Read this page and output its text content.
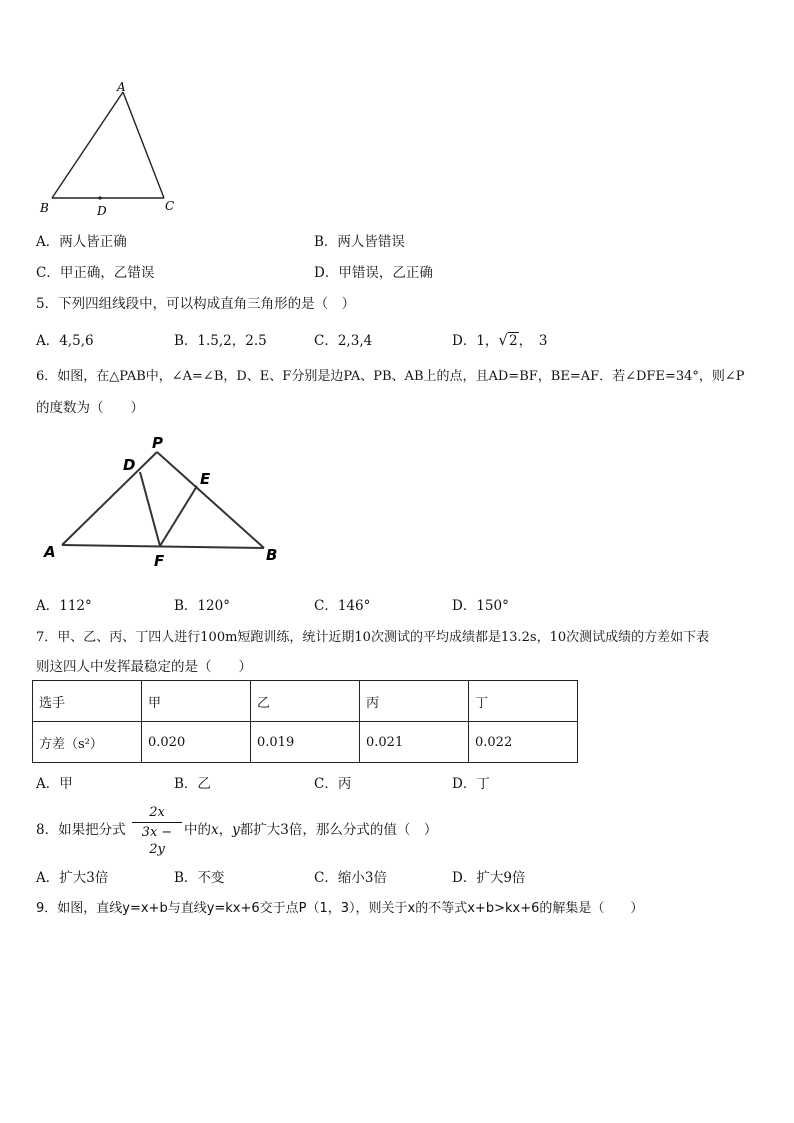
A
B	C
D
A．两人皆正确	B．两人皆错误
C．甲正确，乙错误	D．甲错误，乙正确
5．下列四组线段中，可以构成直角三角形的是（　）
A．4,5,6	B．1.5,2，2.5	C．2,3,4	D．1，√2，　3
6．如图，在△PAB中，∠A=∠B，D、E、F分别是边PA、PB、AB上的点，且AD=BF，BE=AF．若∠DFE=34°，则∠P
的度数为（　　）
P
D
E
A	F	B
A．112°	B．120°	C．146°	D．150°
7．甲、乙、丙、丁四人进行100m短跑训练，统计近期10次测试的平均成绩都是13.2s，10次测试成绩的方差如下表
则这四人中发挥最稳定的是（　　）
选手	甲	乙	丙	丁
方差（s²）	0.020	0.019	0.021	0.022
A．甲	B．乙	C．丙	D．丁
8．如果把分式
2x
3x − 2y
中的x，y都扩大3倍，那么分式的值（　）
A．扩大3倍	B．不变	C．缩小3倍	D．扩大9倍
9．如图，直线y=x+b与直线y=kx+6交于点P（1，3），则关于x的不等式x+b>kx+6的解集是（　　）
